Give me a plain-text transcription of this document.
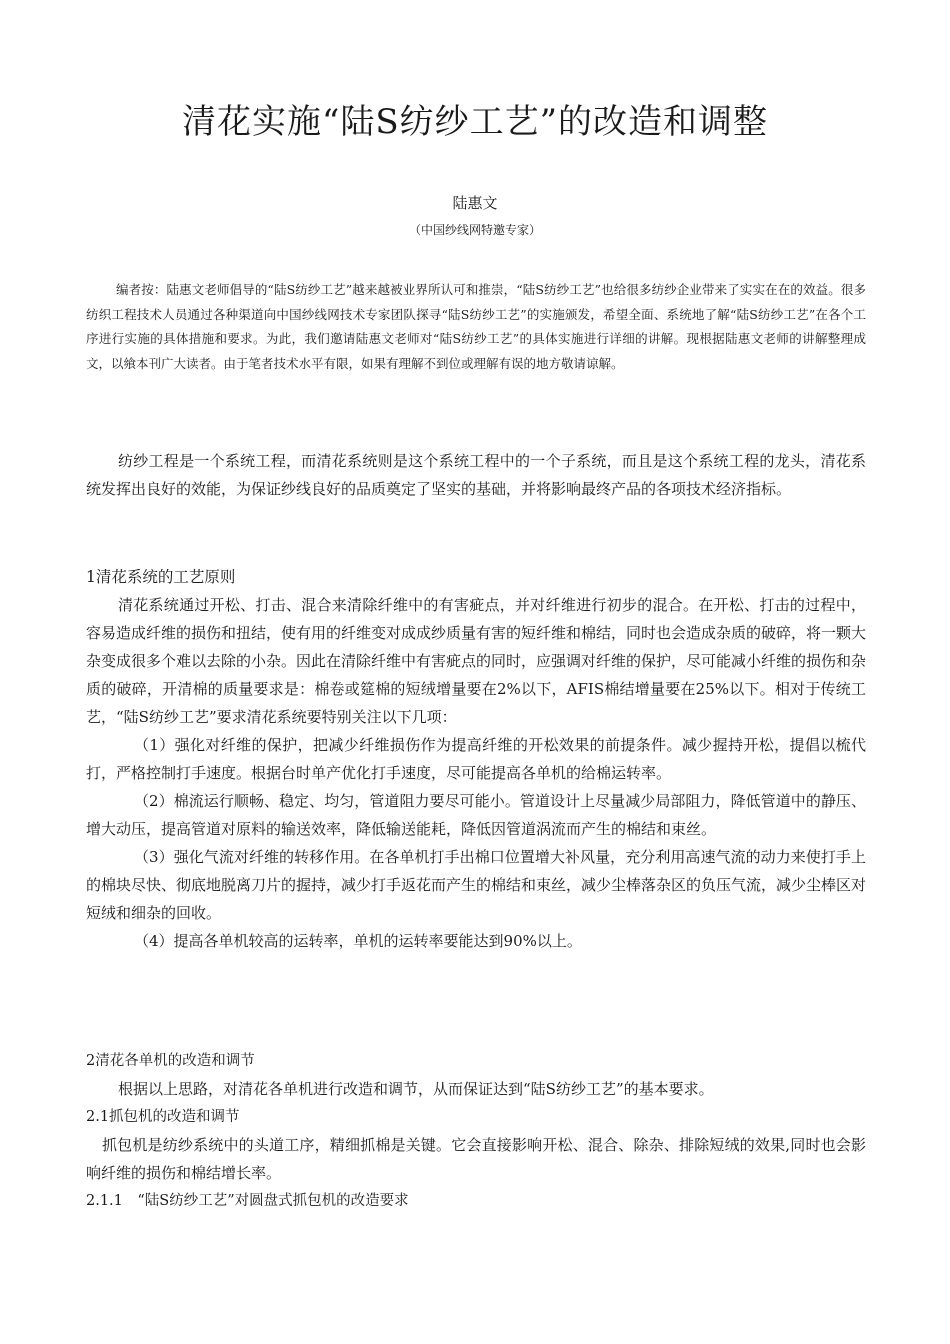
清花实施“陆S纺纱工艺”的改造和调整
陆惠文
（中国纱线网特邀专家）
编者按：陆惠文老师倡导的“陆S纺纱工艺”越来越被业界所认可和推崇，“陆S纺纱工艺”也给很多纺纱企业带来了实实在在的效益。很多纺织工程技术人员通过各种渠道向中国纱线网技术专家团队探寻“陆S纺纱工艺”的实施颁发，希望全面、系统地了解“陆S纺纱工艺”在各个工序进行实施的具体措施和要求。为此，我们邀请陆惠文老师对“陆S纺纱工艺”的具体实施进行详细的讲解。现根据陆惠文老师的讲解整理成文，以飨本刊广大读者。由于笔者技术水平有限，如果有理解不到位或理解有误的地方敬请谅解。
纺纱工程是一个系统工程，而清花系统则是这个系统工程中的一个子系统，而且是这个系统工程的龙头，清花系统发挥出良好的效能，为保证纱线良好的品质奠定了坚实的基础，并将影响最终产品的各项技术经济指标。
1清花系统的工艺原则

清花系统通过开松、打击、混合来清除纤维中的有害疵点，并对纤维进行初步的混合。在开松、打击的过程中，容易造成纤维的损伤和扭结，使有用的纤维变对成成纱质量有害的短纤维和棉结，同时也会造成杂质的破碎，将一颗大杂变成很多个难以去除的小杂。因此在清除纤维中有害疵点的同时，应强调对纤维的保护，尽可能减小纤维的损伤和杂质的破碎，开清棉的质量要求是：棉卷或筵棉的短绒增量要在2%以下，AFIS棉结增量要在25%以下。相对于传统工艺，“陆S纺纱工艺”要求清花系统要特别关注以下几项：

（1）强化对纤维的保护，把减少纤维损伤作为提高纤维的开松效果的前提条件。减少握持开松，提倡以梳代打，严格控制打手速度。根据台时单产优化打手速度，尽可能提高各单机的给棉运转率。

（2）棉流运行顺畅、稳定、均匀，管道阻力要尽可能小。管道设计上尽量减少局部阻力，降低管道中的静压、增大动压，提高管道对原料的输送效率，降低输送能耗，降低因管道涡流而产生的棉结和束丝。

（3）强化气流对纤维的转移作用。在各单机打手出棉口位置增大补风量，充分利用高速气流的动力来使打手上的棉块尽快、彻底地脱离刀片的握持，减少打手返花而产生的棉结和束丝，减少尘棒落杂区的负压气流，减少尘棒区对短绒和细杂的回收。

（4）提高各单机较高的运转率，单机的运转率要能达到90%以上。

2清花各单机的改造和调节

根据以上思路，对清花各单机进行改造和调节，从而保证达到“陆S纺纱工艺”的基本要求。

2.1抓包机的改造和调节

抓包机是纺纱系统中的头道工序，精细抓棉是关键。它会直接影响开松、混合、除杂、排除短绒的效果,同时也会影响纤维的损伤和棉结增长率。

2.1.1　“陆S纺纱工艺”对圆盘式抓包机的改造要求
